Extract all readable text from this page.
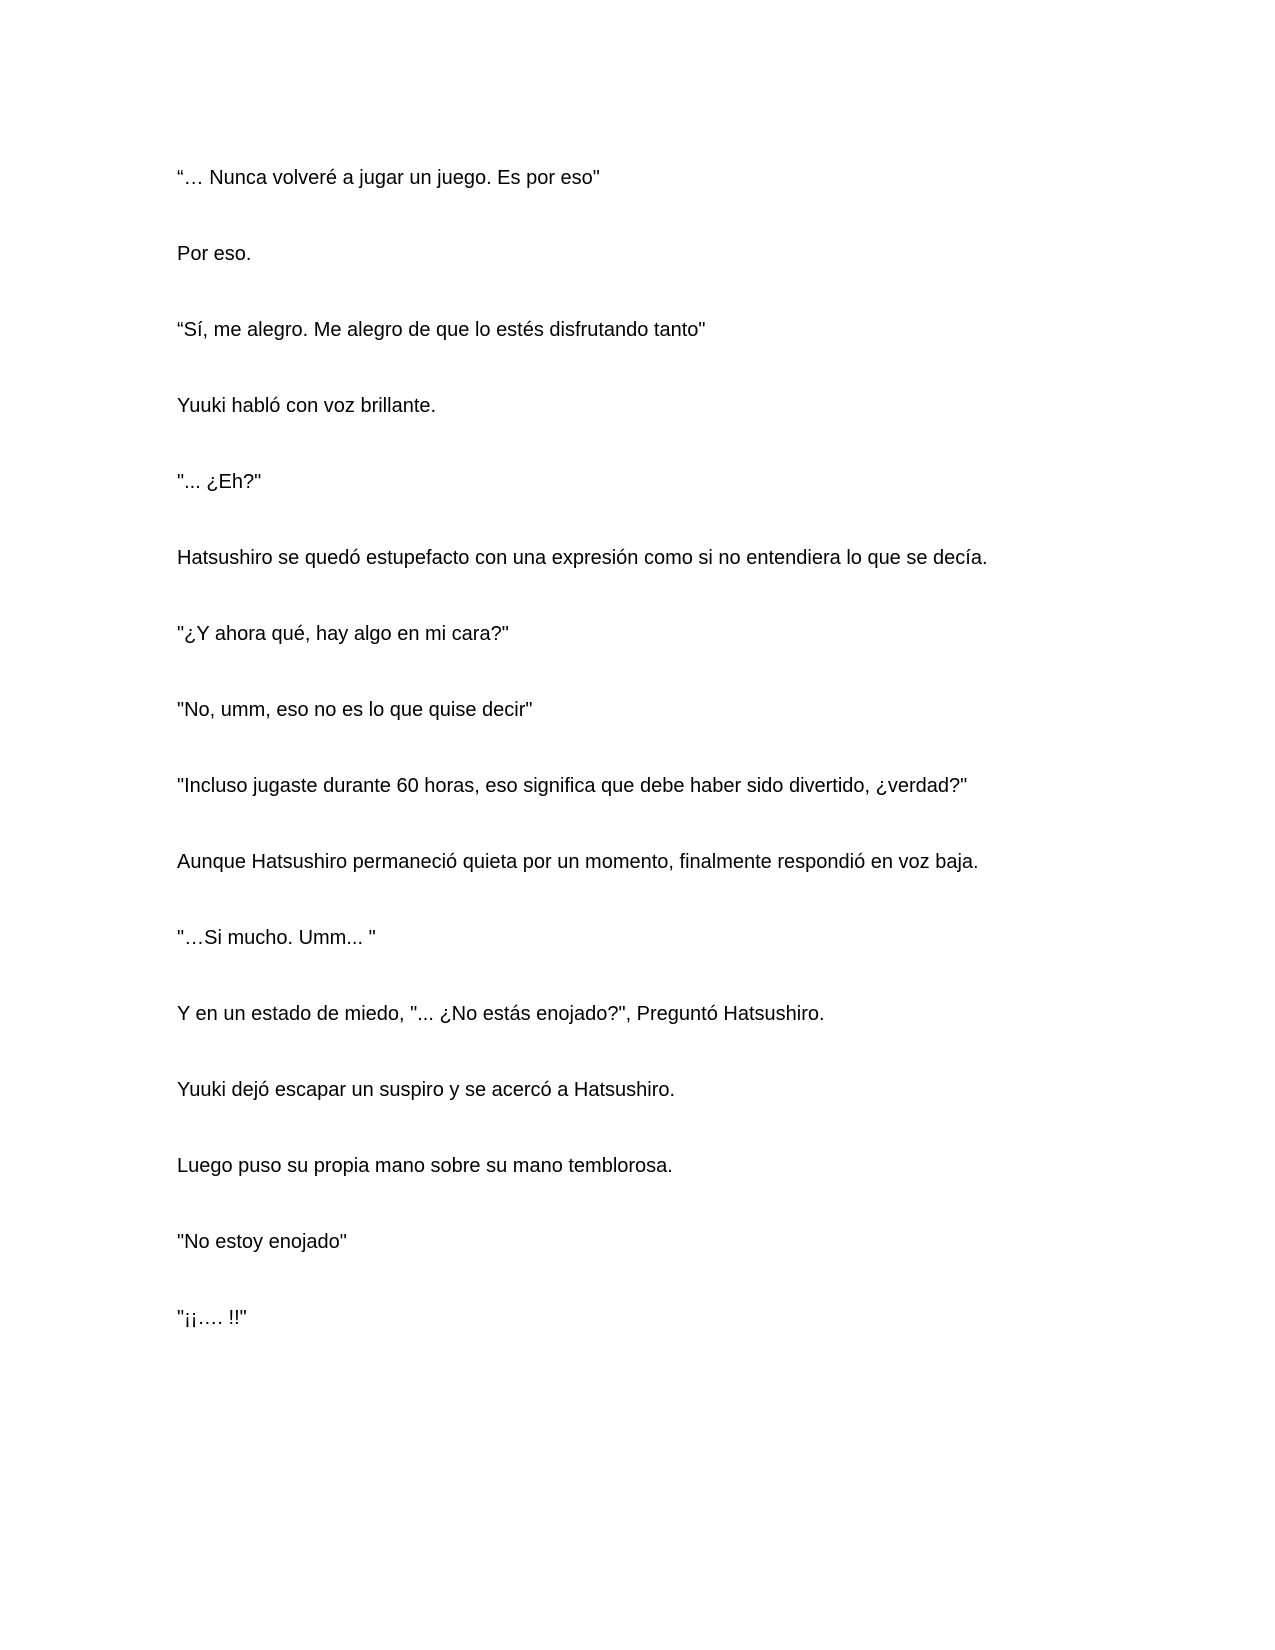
“… Nunca volveré a jugar un juego. Es por eso"

Por eso.

“Sí, me alegro. Me alegro de que lo estés disfrutando tanto"

Yuuki habló con voz brillante.

"... ¿Eh?"

Hatsushiro se quedó estupefacto con una expresión como si no entendiera lo que se decía.

"¿Y ahora qué, hay algo en mi cara?"

"No, umm, eso no es lo que quise decir"

"Incluso jugaste durante 60 horas, eso significa que debe haber sido divertido, ¿verdad?"

Aunque Hatsushiro permaneció quieta por un momento, finalmente respondió en voz baja.

"…Si mucho. Umm... "

Y en un estado de miedo, "... ¿No estás enojado?", Preguntó Hatsushiro.

Yuuki dejó escapar un suspiro y se acercó a Hatsushiro.

Luego puso su propia mano sobre su mano temblorosa.

"No estoy enojado"

"¡¡…. !!"
